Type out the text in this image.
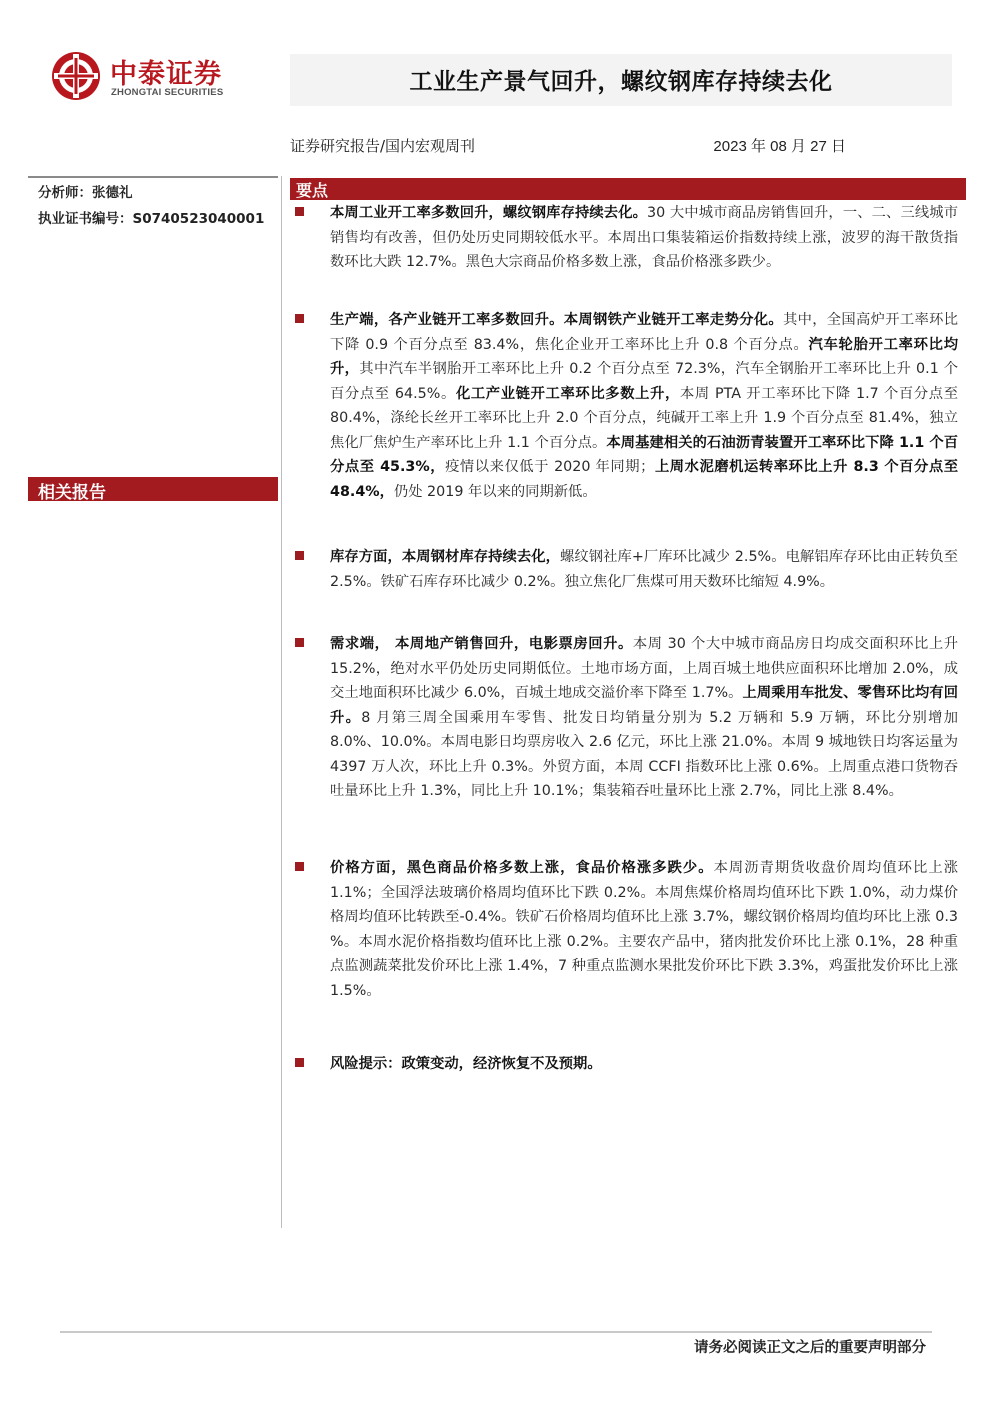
中泰证券
ZHONGTAI SECURITIES	工业生产景气回升，螺纹钢库存持续去化
证券研究报告/国内宏观周刊	2023 年 08 月 27 日
分析师：张德礼
执业证书编号：S0740523040001
相关报告
要点
本周工业开工率多数回升，螺纹钢库存持续去化。30 大中城市商品房销售回升，一、二、三线城市销售均有改善，但仍处历史同期较低水平。本周出口集装箱运价指数持续上涨，波罗的海干散货指数环比大跌 12.7%。黑色大宗商品价格多数上涨，食品价格涨多跌少。
生产端，各产业链开工率多数回升。本周钢铁产业链开工率走势分化。其中，全国高炉开工率环比下降 0.9 个百分点至 83.4%，焦化企业开工率环比上升 0.8 个百分点。汽车轮胎开工率环比均升，其中汽车半钢胎开工率环比上升 0.2 个百分点至 72.3%，汽车全钢胎开工率环比上升 0.1 个百分点至 64.5%。化工产业链开工率环比多数上升，本周 PTA 开工率环比下降 1.7 个百分点至 80.4%，涤纶长丝开工率环比上升 2.0 个百分点，纯碱开工率上升 1.9 个百分点至 81.4%，独立焦化厂焦炉生产率环比上升 1.1 个百分点。本周基建相关的石油沥青装置开工率环比下降 1.1 个百分点至 45.3%，疫情以来仅低于 2020 年同期；上周水泥磨机运转率环比上升 8.3 个百分点至 48.4%，仍处 2019 年以来的同期新低。
库存方面，本周钢材库存持续去化，螺纹钢社库+厂库环比减少 2.5%。电解铝库存环比由正转负至 2.5%。铁矿石库存环比减少 0.2%。独立焦化厂焦煤可用天数环比缩短 4.9%。
需求端， 本周地产销售回升，电影票房回升。本周 30 个大中城市商品房日均成交面积环比上升 15.2%，绝对水平仍处历史同期低位。土地市场方面，上周百城土地供应面积环比增加 2.0%，成交土地面积环比减少 6.0%，百城土地成交溢价率下降至 1.7%。上周乘用车批发、零售环比均有回升。8 月第三周全国乘用车零售、批发日均销量分别为 5.2 万辆和 5.9 万辆，环比分别增加 8.0%、10.0%。本周电影日均票房收入 2.6 亿元，环比上涨 21.0%。本周 9 城地铁日均客运量为 4397 万人次，环比上升 0.3%。外贸方面，本周 CCFI 指数环比上涨 0.6%。上周重点港口货物吞吐量环比上升 1.3%，同比上升 10.1%；集装箱吞吐量环比上涨 2.7%，同比上涨 8.4%。
价格方面，黑色商品价格多数上涨，食品价格涨多跌少。本周沥青期货收盘价周均值环比上涨 1.1%；全国浮法玻璃价格周均值环比下跌 0.2%。本周焦煤价格周均值环比下跌 1.0%，动力煤价格周均值环比转跌至-0.4%。铁矿石价格周均值环比上涨 3.7%，螺纹钢价格周均值均环比上涨 0.3 %。本周水泥价格指数均值环比上涨 0.2%。主要农产品中，猪肉批发价环比上涨 0.1%，28 种重点监测蔬菜批发价环比上涨 1.4%，7 种重点监测水果批发价环比下跌 3.3%，鸡蛋批发价环比上涨 1.5%。
风险提示：政策变动，经济恢复不及预期。
请务必阅读正文之后的重要声明部分
